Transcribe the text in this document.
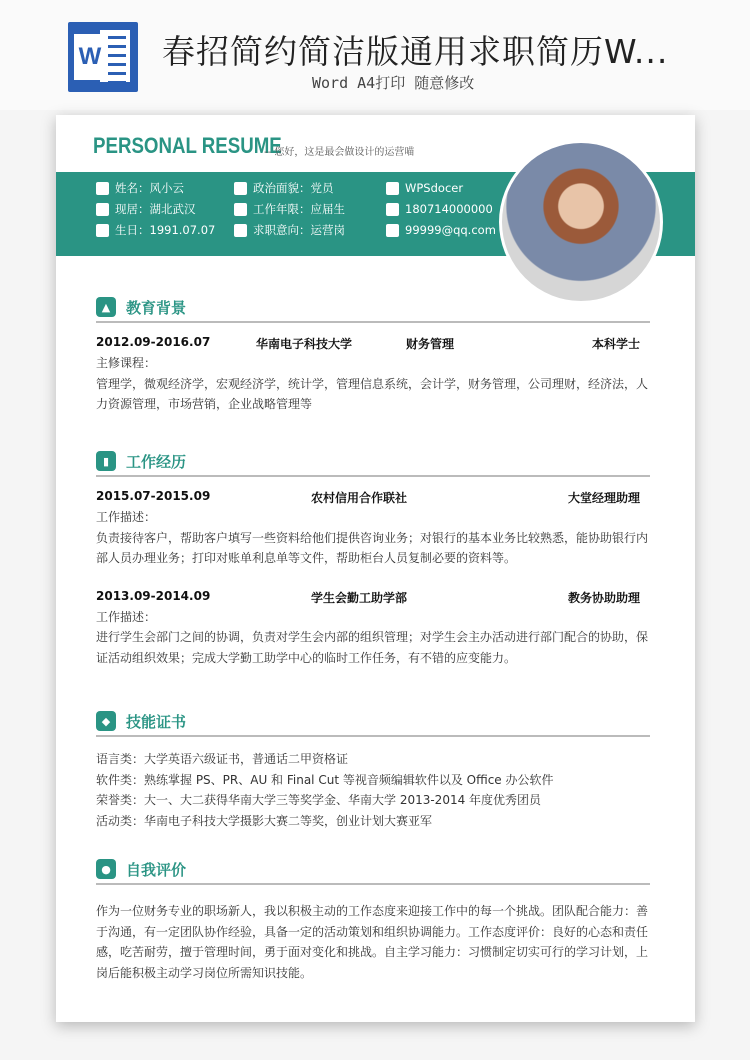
W 春招简约简洁版通用求职简历W...
Word A4打印 随意修改
PERSONAL RESUME
-- 您好，这是最会做设计的运营喵
姓名：风小云
现居：湖北武汉
生日：1991.07.07
政治面貌：党员
工作年限：应届生
求职意向：运营岗
WPSdocer
180714000000
99999@qq.com
▲	教育背景
2012.09-2016.07	华南电子科技大学	财务管理	本科学士
主修课程：
管理学，微观经济学，宏观经济学，统计学，管理信息系统，会计学，财务管理，公司理财，经济法，人力资源管理，市场营销，企业战略管理等
▮	工作经历
2015.07-2015.09	农村信用合作联社	大堂经理助理
工作描述：
负责接待客户，帮助客户填写一些资料给他们提供咨询业务；对银行的基本业务比较熟悉，能协助银行内部人员办理业务；打印对账单利息单等文件，帮助柜台人员复制必要的资料等。
2013.09-2014.09	学生会勤工助学部	教务协助助理
工作描述：
进行学生会部门之间的协调，负责对学生会内部的组织管理；对学生会主办活动进行部门配合的协助，保证活动组织效果；完成大学勤工助学中心的临时工作任务，有不错的应变能力。
◆	技能证书
语言类：大学英语六级证书，普通话二甲资格证
软件类：熟练掌握 PS、PR、AU 和 Final Cut 等视音频编辑软件以及 Office 办公软件
荣誉类：大一、大二获得华南大学三等奖学金、华南大学 2013-2014 年度优秀团员
活动类：华南电子科技大学摄影大赛二等奖，创业计划大赛亚军
●	自我评价
作为一位财务专业的职场新人，我以积极主动的工作态度来迎接工作中的每一个挑战。团队配合能力：善于沟通，有一定团队协作经验，具备一定的活动策划和组织协调能力。工作态度评价：良好的心态和责任感，吃苦耐劳，擅于管理时间，勇于面对变化和挑战。自主学习能力：习惯制定切实可行的学习计划，上岗后能积极主动学习岗位所需知识技能。
